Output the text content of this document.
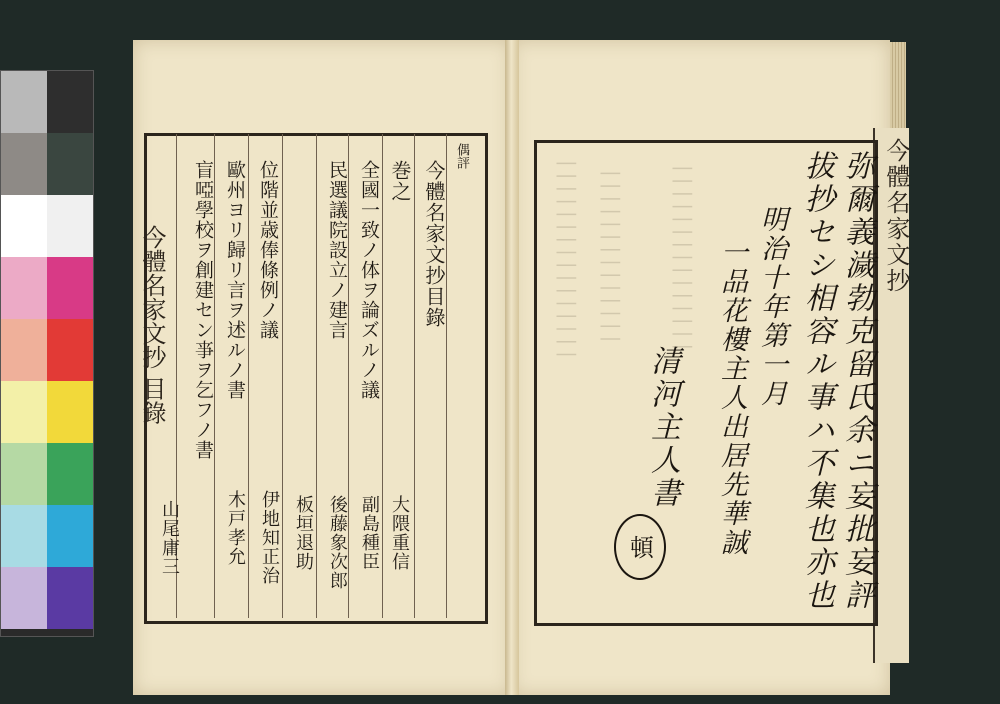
今體名家文抄
今體名家文抄 目錄
偶評
今體名家文抄目錄
巻之
全國一致ノ体ヲ論ズルノ議
大隈重信
民選議院設立ノ建言
副島種臣
後藤象次郎
板垣退助
位階並歳俸條例ノ議
伊地知正治
歐州ヨリ歸リ言ヲ述ルノ書
木戸孝允
盲啞學校ヲ創建セン亊ヲ乞フノ書
山尾庸三
|||||||||||||||| |||||||||||||| |||||||||||||||	弥爾義濊勃克留氏余ニ妄批妄評
拔抄セシ相容ル事ハ不集也亦也
明治十年第一月
一品花樓主人出居先華誠
清河主人書
頓
